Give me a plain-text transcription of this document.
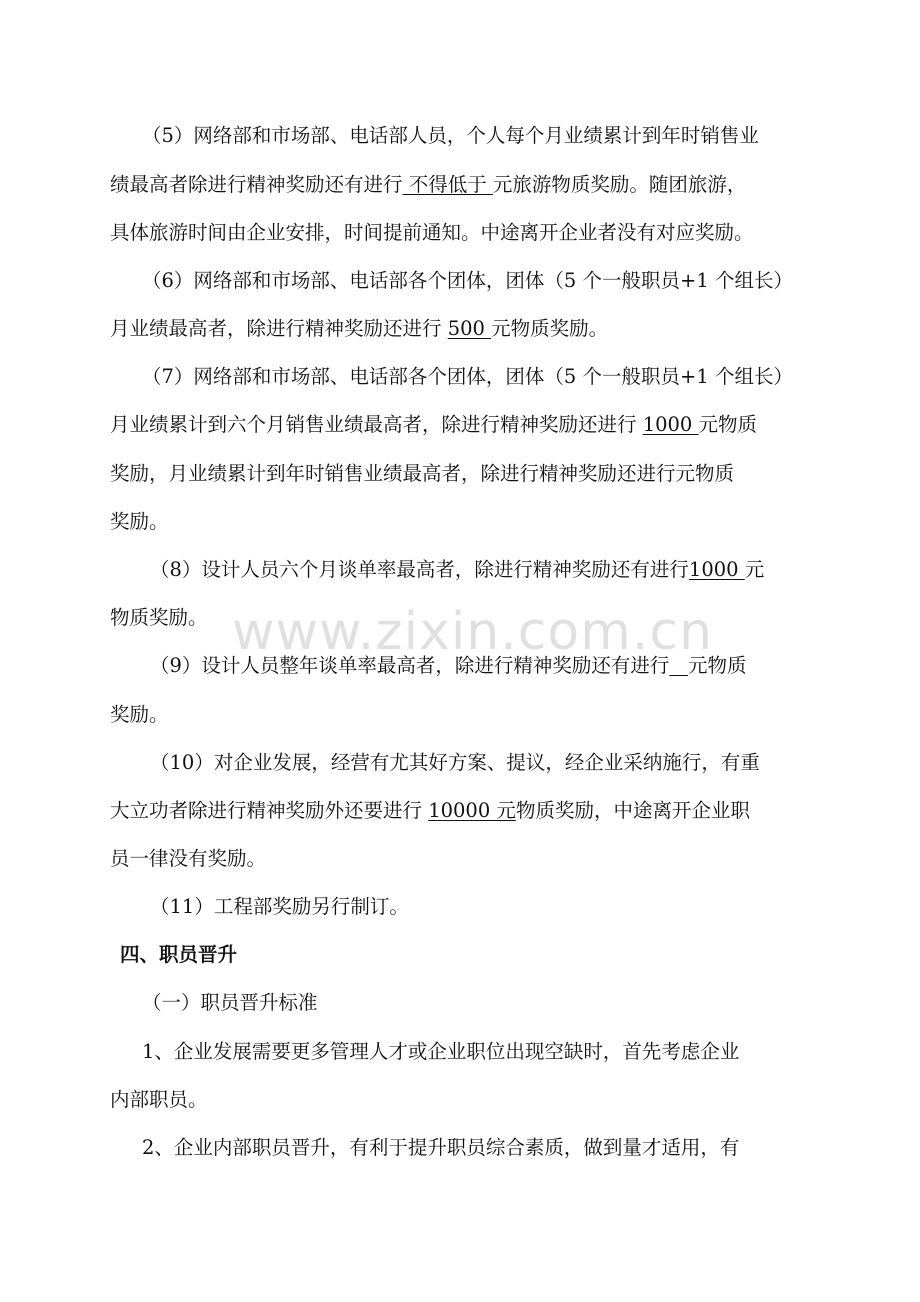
（5）网络部和市场部、电话部人员，个人每个月业绩累计到年时销售业
绩最高者除进行精神奖励还有进行 不得低于 元旅游物质奖励。随团旅游，
具体旅游时间由企业安排，时间提前通知。中途离开企业者没有对应奖励。
（6）网络部和市场部、电话部各个团体，团体（5 个一般职员+1 个组长）
月业绩最高者，除进行精神奖励还进行 500 元物质奖励。
（7）网络部和市场部、电话部各个团体，团体（5 个一般职员+1 个组长）
月业绩累计到六个月销售业绩最高者，除进行精神奖励还进行 1000 元物质
奖励，月业绩累计到年时销售业绩最高者，除进行精神奖励还进行元物质
奖励。
（8）设计人员六个月谈单率最高者，除进行精神奖励还有进行1000 元
物质奖励。
（9）设计人员整年谈单率最高者，除进行精神奖励还有进行 元物质
奖励。
（10）对企业发展，经营有尤其好方案、提议，经企业采纳施行，有重
大立功者除进行精神奖励外还要进行 10000 元物质奖励，中途离开企业职
员一律没有奖励。
（11）工程部奖励另行制订。
四、职员晋升
（一）职员晋升标准
1、企业发展需要更多管理人才或企业职位出现空缺时，首先考虑企业
内部职员。
2、企业内部职员晋升，有利于提升职员综合素质，做到量才适用，有
www.zixin.com.cn
